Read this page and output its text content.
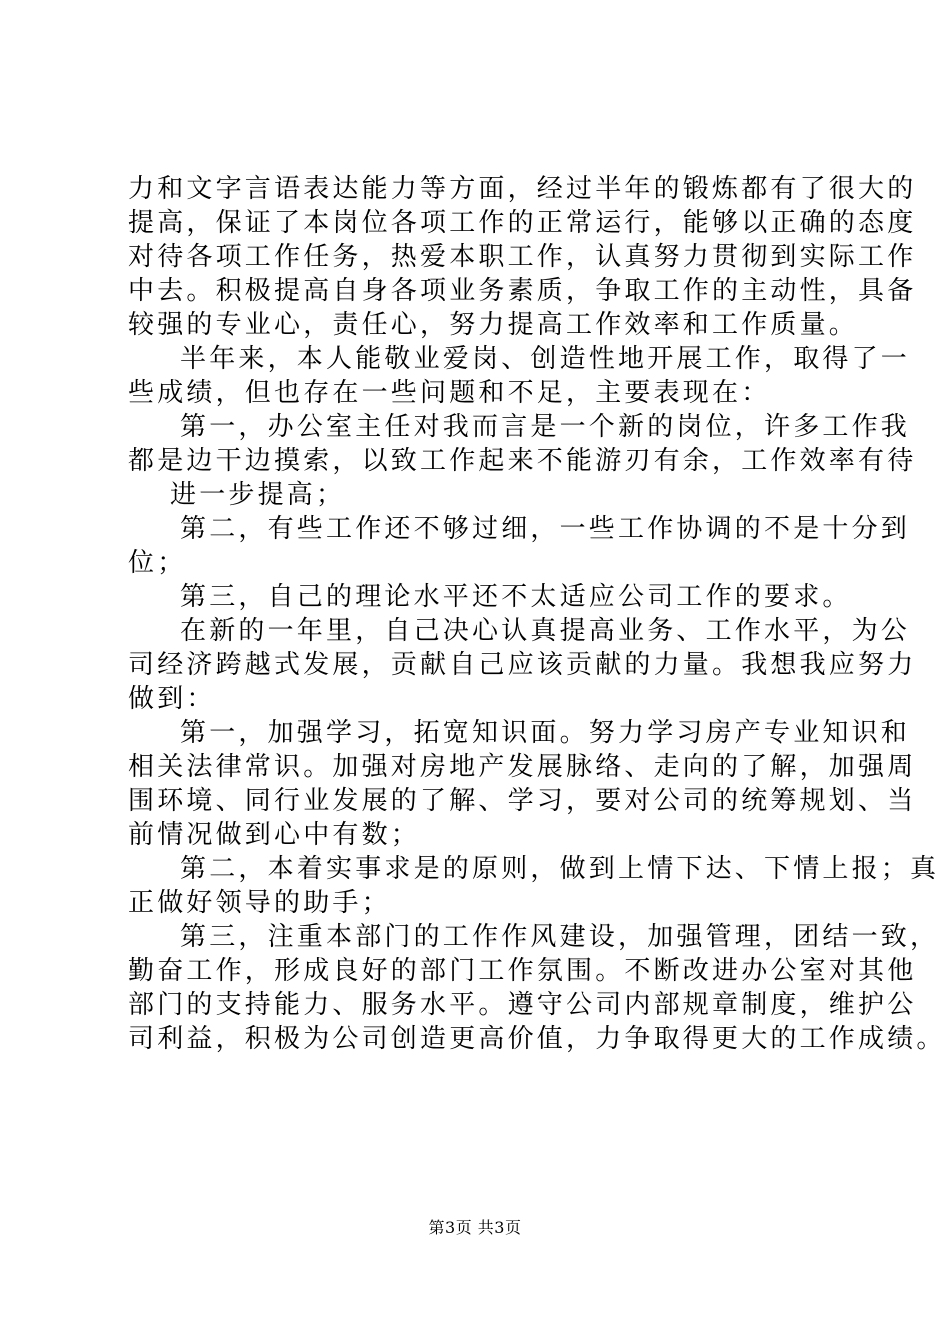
力和文字言语表达能力等方面，经过半年的锻炼都有了很大的
提高，保证了本岗位各项工作的正常运行，能够以正确的态度
对待各项工作任务，热爱本职工作，认真努力贯彻到实际工作
中去。积极提高自身各项业务素质，争取工作的主动性，具备
较强的专业心，责任心，努力提高工作效率和工作质量。
半年来，本人能敬业爱岗、创造性地开展工作，取得了一
些成绩，但也存在一些问题和不足，主要表现在：
第一，办公室主任对我而言是一个新的岗位，许多工作我
都是边干边摸索，以致工作起来不能游刃有余，工作效率有待
进一步提高；
第二，有些工作还不够过细，一些工作协调的不是十分到
位；
第三，自己的理论水平还不太适应公司工作的要求。
在新的一年里，自己决心认真提高业务、工作水平，为公
司经济跨越式发展，贡献自己应该贡献的力量。我想我应努力
做到：
第一，加强学习，拓宽知识面。努力学习房产专业知识和
相关法律常识。加强对房地产发展脉络、走向的了解，加强周
围环境、同行业发展的了解、学习，要对公司的统筹规划、当
前情况做到心中有数；
第二，本着实事求是的原则，做到上情下达、下情上报；真
正做好领导的助手；
第三，注重本部门的工作作风建设，加强管理，团结一致，
勤奋工作，形成良好的部门工作氛围。不断改进办公室对其他
部门的支持能力、服务水平。遵守公司内部规章制度，维护公
司利益，积极为公司创造更高价值，力争取得更大的工作成绩。
第3页 共3页
